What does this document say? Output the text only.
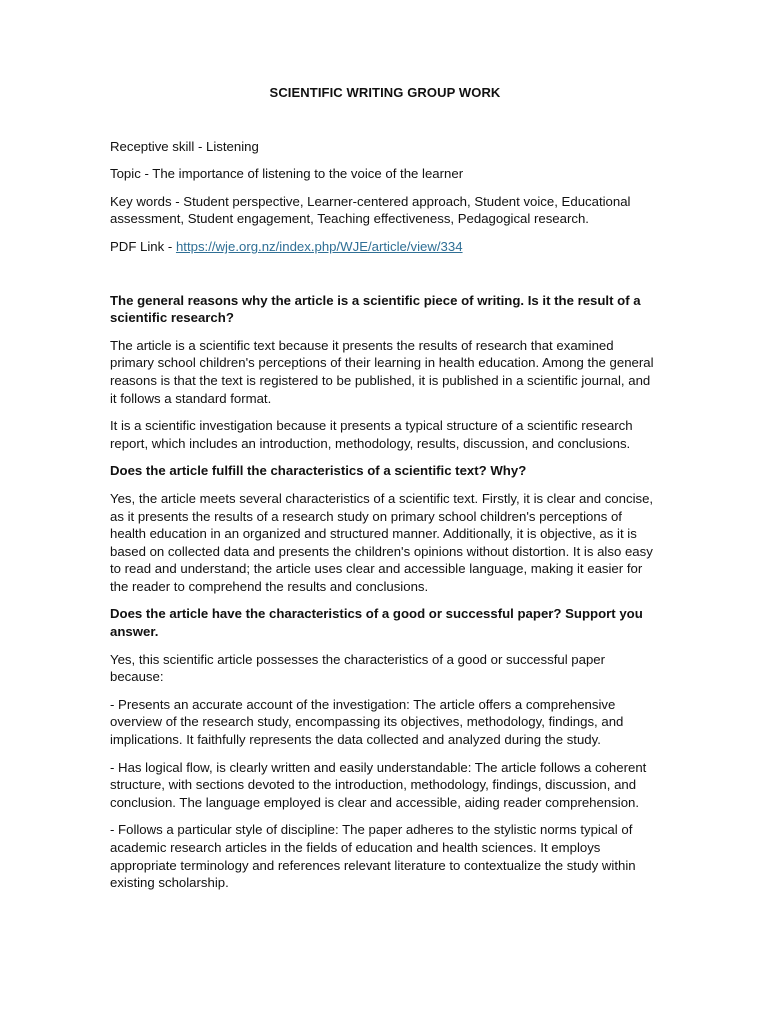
SCIENTIFIC WRITING GROUP WORK

Receptive skill - Listening

Topic - The importance of listening to the voice of the learner

Key words - Student perspective, Learner-centered approach, Student voice, Educational assessment, Student engagement, Teaching effectiveness, Pedagogical research.

PDF Link - https://wje.org.nz/index.php/WJE/article/view/334

The general reasons why the article is a scientific piece of writing. Is it the result of a scientific research?

The article is a scientific text because it presents the results of research that examined primary school children's perceptions of their learning in health education. Among the general reasons is that the text is registered to be published, it is published in a scientific journal, and it follows a standard format.

It is a scientific investigation because it presents a typical structure of a scientific research report, which includes an introduction, methodology, results, discussion, and conclusions.

Does the article fulfill the characteristics of a scientific text? Why?

Yes, the article meets several characteristics of a scientific text. Firstly, it is clear and concise, as it presents the results of a research study on primary school children's perceptions of health education in an organized and structured manner. Additionally, it is objective, as it is based on collected data and presents the children's opinions without distortion. It is also easy to read and understand; the article uses clear and accessible language, making it easier for the reader to comprehend the results and conclusions.

Does the article have the characteristics of a good or successful paper? Support you answer.

Yes, this scientific article possesses the characteristics of a good or successful paper because:

- Presents an accurate account of the investigation: The article offers a comprehensive overview of the research study, encompassing its objectives, methodology, findings, and implications. It faithfully represents the data collected and analyzed during the study.

- Has logical flow, is clearly written and easily understandable: The article follows a coherent structure, with sections devoted to the introduction, methodology, findings, discussion, and conclusion. The language employed is clear and accessible, aiding reader comprehension.

- Follows a particular style of discipline: The paper adheres to the stylistic norms typical of academic research articles in the fields of education and health sciences. It employs appropriate terminology and references relevant literature to contextualize the study within existing scholarship.
